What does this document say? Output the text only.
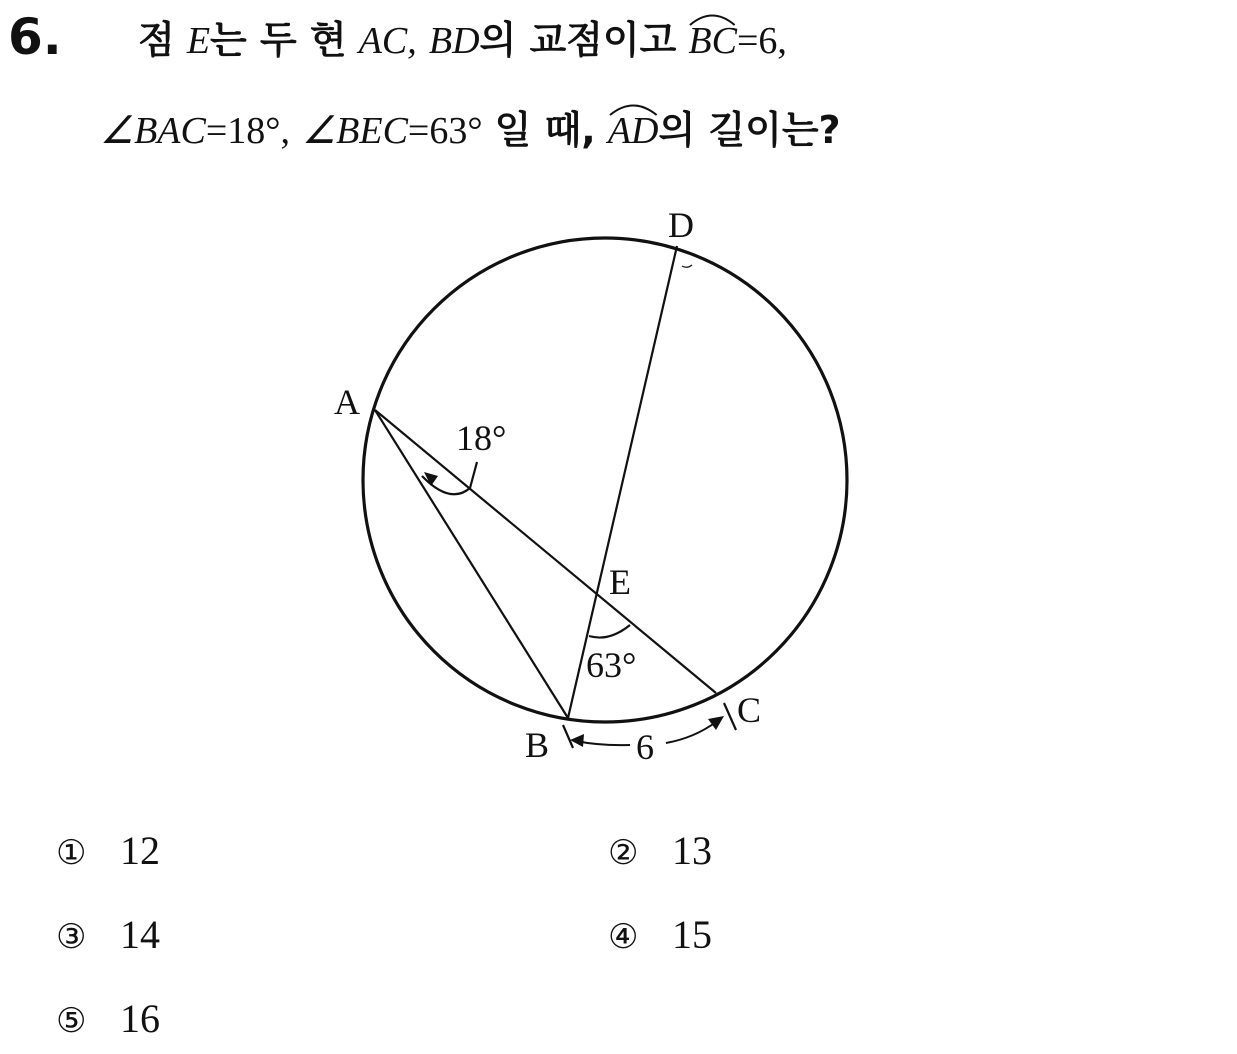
6. 점 E는 두 현 AC, BD의 교점이고 BC=6,
∠BAC=18°, ∠BEC=63° 일 때, AD의 길이는?
A
B
C
D
E
18°
63°
6
① 12	② 13
③ 14	④ 15
⑤ 16
